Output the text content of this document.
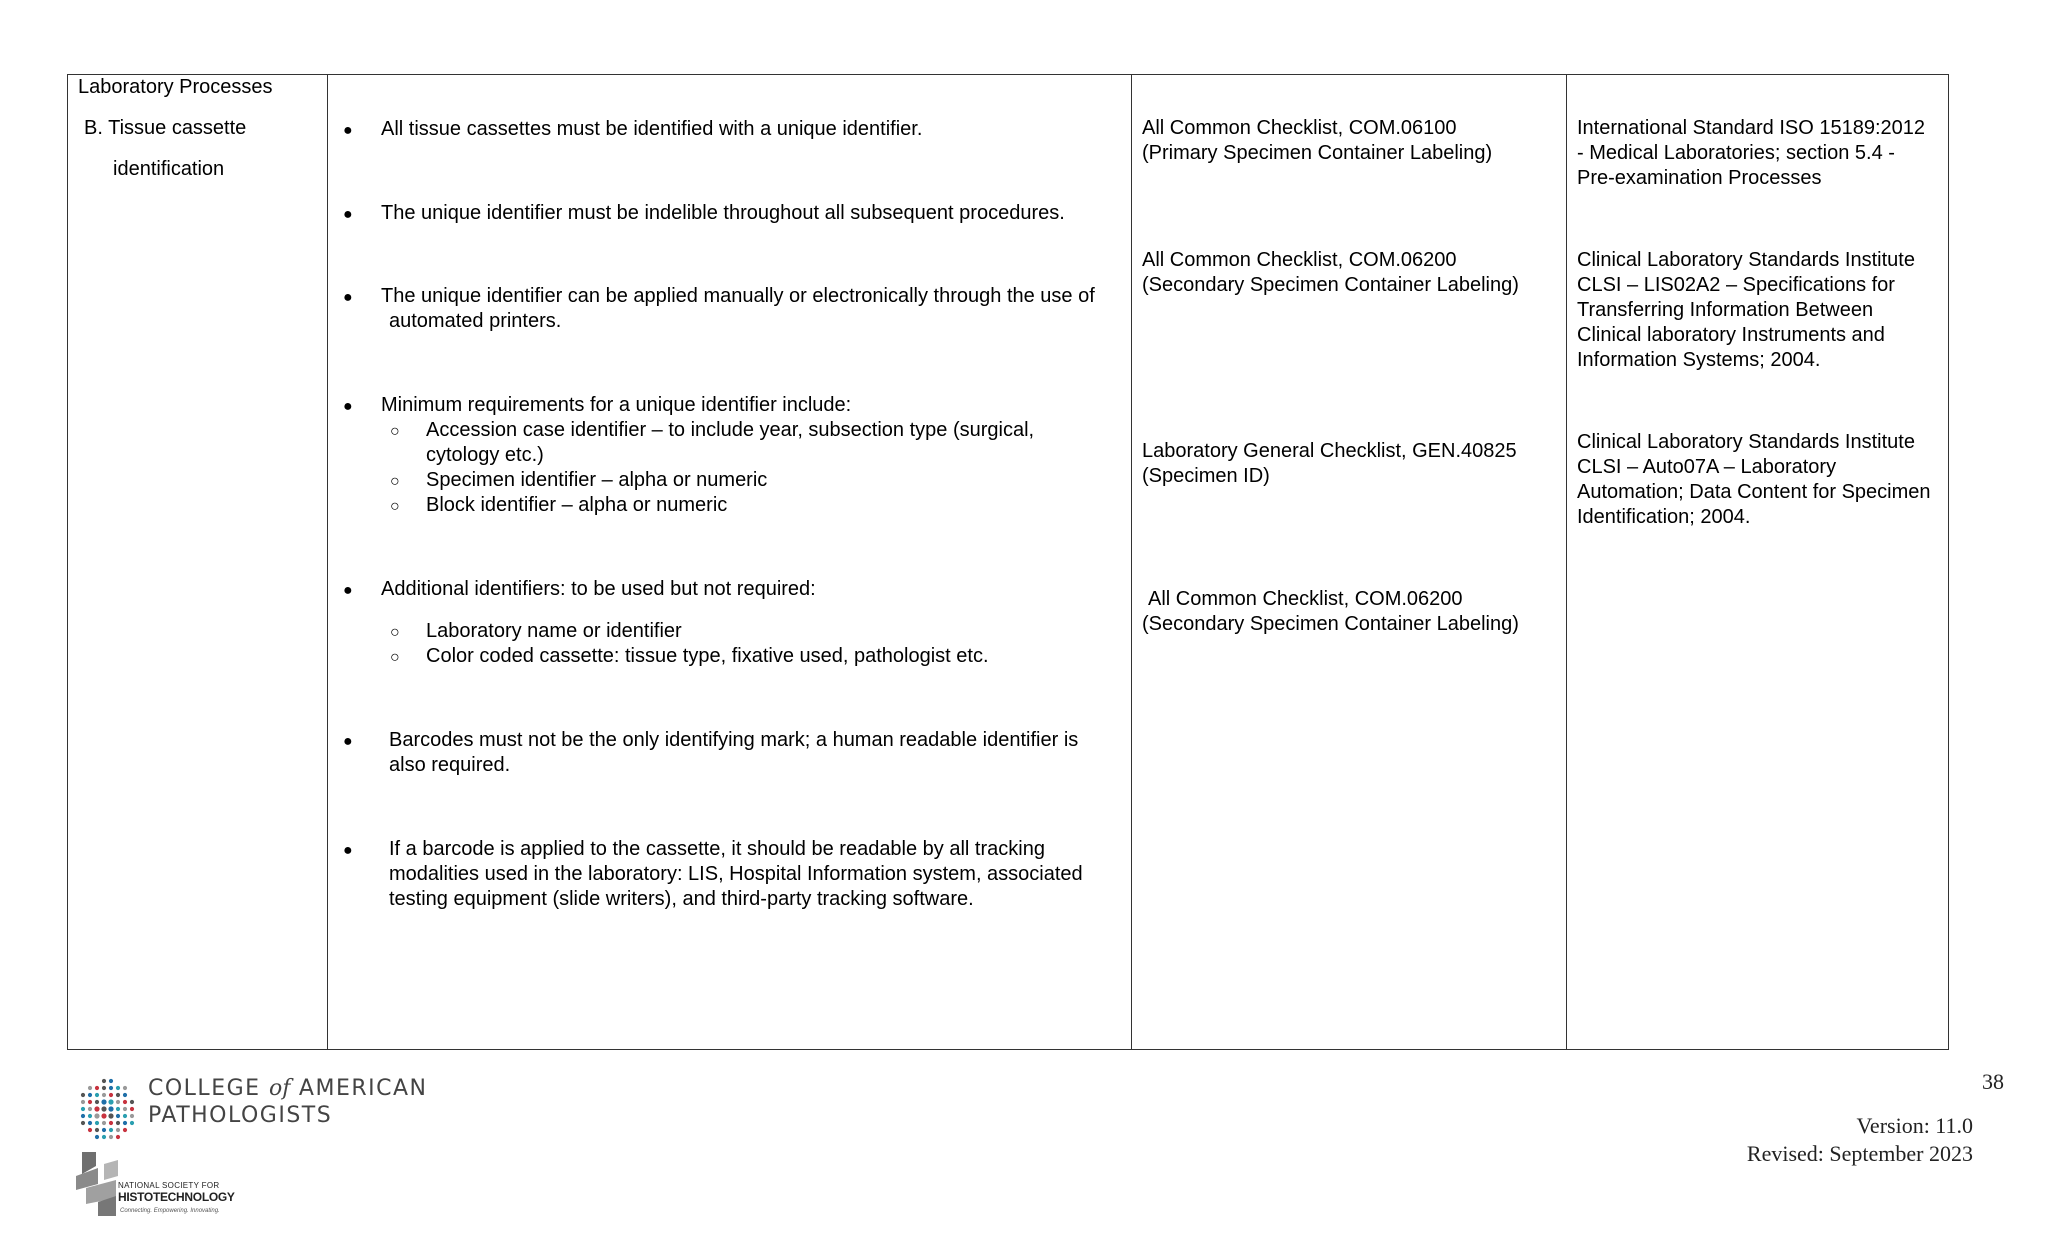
Laboratory Processes
B. Tissue cassette
identification
● All tissue cassettes must be identified with a unique identifier.
● The unique identifier must be indelible throughout all subsequent procedures.
● The unique identifier can be applied manually or electronically through the use of
automated printers.
● Minimum requirements for a unique identifier include:
○ Accession case identifier – to include year, subsection type (surgical,
cytology etc.)
○ Specimen identifier – alpha or numeric
○ Block identifier – alpha or numeric
● Additional identifiers: to be used but not required:
○ Laboratory name or identifier
○ Color coded cassette: tissue type, fixative used, pathologist etc.
● Barcodes must not be the only identifying mark; a human readable identifier is
also required.
● If a barcode is applied to the cassette, it should be readable by all tracking
modalities used in the laboratory: LIS, Hospital Information system, associated
testing equipment (slide writers), and third-party tracking software.
All Common Checklist, COM.06100
(Primary Specimen Container Labeling)
All Common Checklist, COM.06200
(Secondary Specimen Container Labeling)
Laboratory General Checklist, GEN.40825
(Specimen ID)
All Common Checklist, COM.06200
(Secondary Specimen Container Labeling)
International Standard ISO 15189:2012
- Medical Laboratories; section 5.4 -
Pre-examination Processes
Clinical Laboratory Standards Institute
CLSI – LIS02A2 – Specifications for
Transferring Information Between
Clinical laboratory Instruments and
Information Systems; 2004.
Clinical Laboratory Standards Institute
CLSI – Auto07A – Laboratory
Automation; Data Content for Specimen
Identification; 2004.
COLLEGE of AMERICAN
PATHOLOGISTS
NATIONAL SOCIETY FOR
HISTOTECHNOLOGY
Connecting. Empowering. Innovating.
38
Version: 11.0
Revised: September 2023
